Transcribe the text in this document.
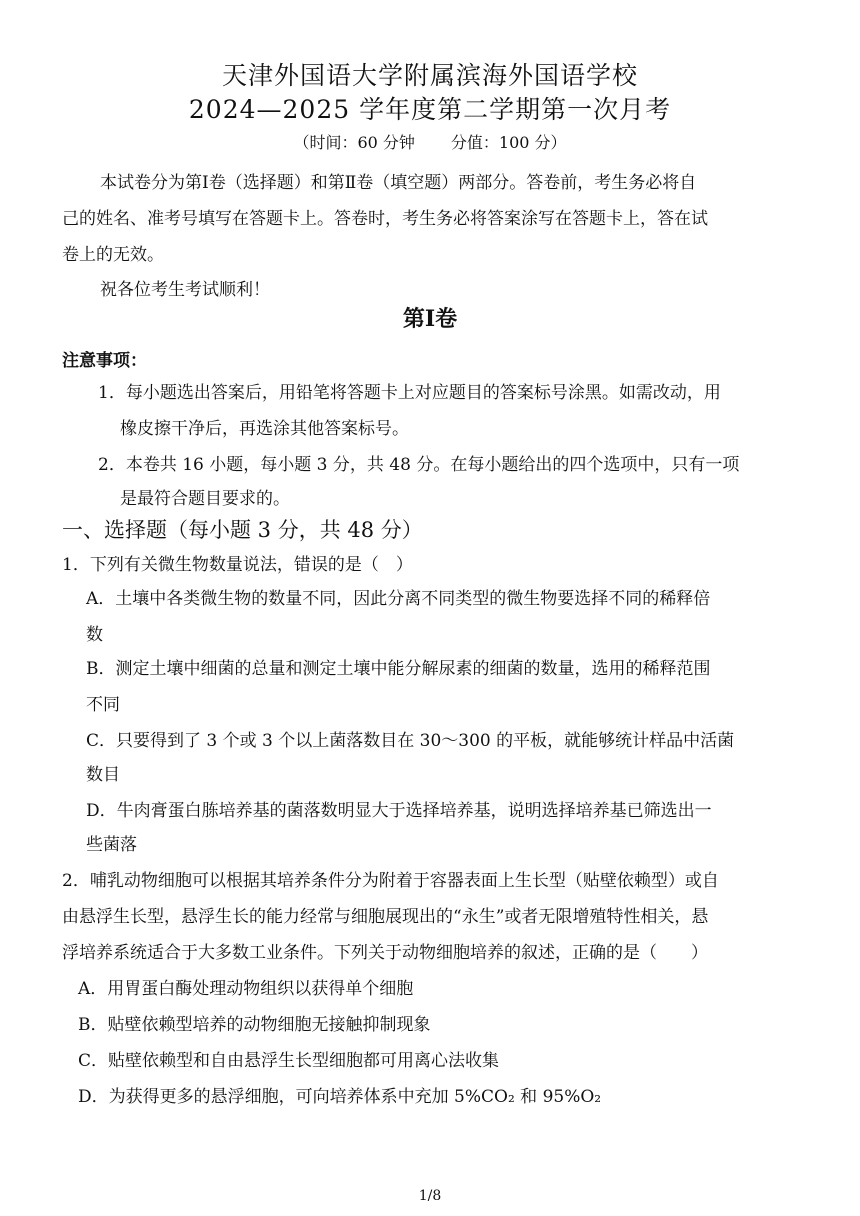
天津外国语大学附属滨海外国语学校
2024—2025 学年度第二学期第一次月考
（时间：60 分钟 分值：100 分）
本试卷分为第Ⅰ卷（选择题）和第Ⅱ卷（填空题）两部分。答卷前，考生务必将自
己的姓名、准考号填写在答题卡上。答卷时，考生务必将答案涂写在答题卡上，答在试
卷上的无效。
祝各位考生考试顺利！
第Ⅰ卷
注意事项：
1．每小题选出答案后，用铅笔将答题卡上对应题目的答案标号涂黑。如需改动，用
橡皮擦干净后，再选涂其他答案标号。
2．本卷共 16 小题，每小题 3 分，共 48 分。在每小题给出的四个选项中，只有一项
是最符合题目要求的。
一、选择题（每小题 3 分，共 48 分）
1．下列有关微生物数量说法，错误的是（　）
A．土壤中各类微生物的数量不同，因此分离不同类型的微生物要选择不同的稀释倍
数
B．测定土壤中细菌的总量和测定土壤中能分解尿素的细菌的数量，选用的稀释范围
不同
C．只要得到了 3 个或 3 个以上菌落数目在 30～300 的平板，就能够统计样品中活菌
数目
D．牛肉膏蛋白胨培养基的菌落数明显大于选择培养基，说明选择培养基已筛选出一
些菌落
2．哺乳动物细胞可以根据其培养条件分为附着于容器表面上生长型（贴壁依赖型）或自
由悬浮生长型，悬浮生长的能力经常与细胞展现出的“永生”或者无限增殖特性相关，悬
浮培养系统适合于大多数工业条件。下列关于动物细胞培养的叙述，正确的是（　　）
A．用胃蛋白酶处理动物组织以获得单个细胞
B．贴壁依赖型培养的动物细胞无接触抑制现象
C．贴壁依赖型和自由悬浮生长型细胞都可用离心法收集
D．为获得更多的悬浮细胞，可向培养体系中充加 5%CO₂ 和 95%O₂
1/8
